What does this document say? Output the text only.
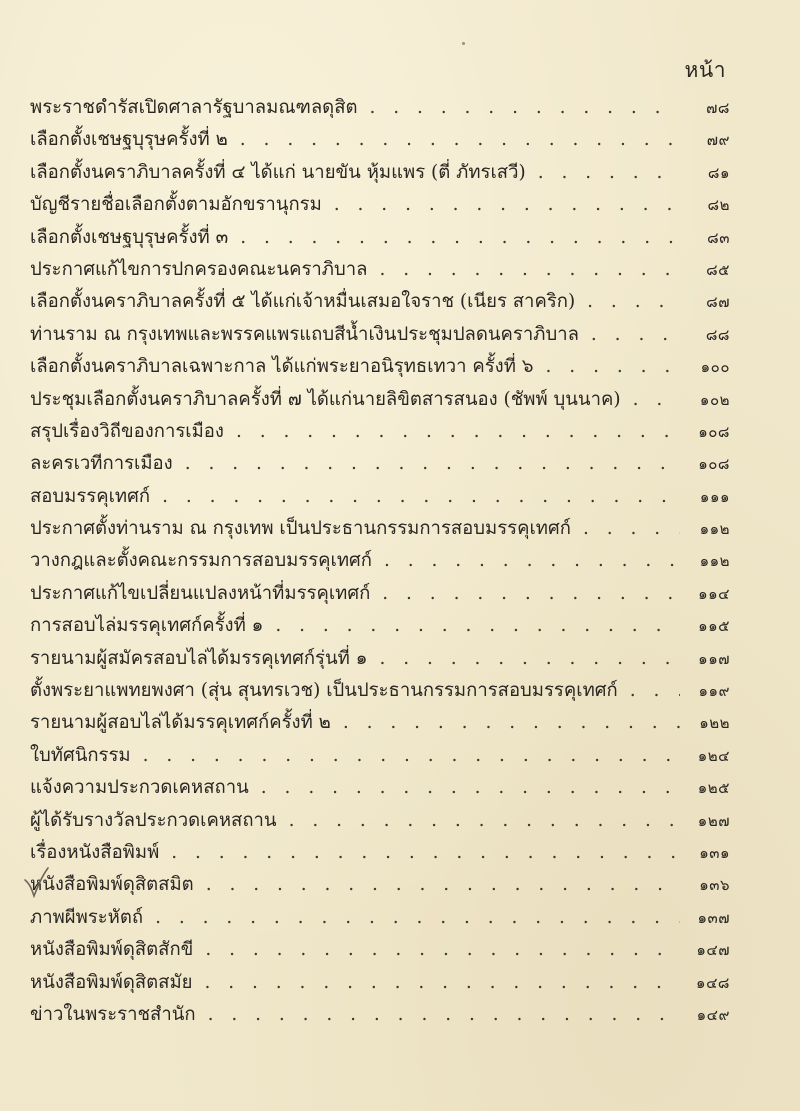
หน้า
พระราชดำรัสเปิดศาลารัฐบาลมณฑลดุสิต . . .	๗๘
เลือกตั้งเชษฐบุรุษครั้งที่ ๒ . . .	๗๙
เลือกตั้งนคราภิบาลครั้งที่ ๔ ได้แก่ นายขัน หุ้มแพร (ตี่ ภัทรเสวี) . . .	๘๑
บัญชีรายชื่อเลือกตั้งตามอักขรานุกรม . . .	๘๒
เลือกตั้งเชษฐบุรุษครั้งที่ ๓ . . .	๘๓
ประกาศแก้ไขการปกครองคณะนคราภิบาล . . .	๘๕
เลือกตั้งนคราภิบาลครั้งที่ ๕ ได้แก่เจ้าหมื่นเสมอใจราช (เนียร สาคริก) . . .	๘๗
ท่านราม ณ กรุงเทพและพรรคแพรแถบสีน้ำเงินประชุมปลดนคราภิบาล . . .	๘๘
เลือกตั้งนคราภิบาลเฉพาะกาล ได้แก่พระยาอนิรุทธเทวา ครั้งที่ ๖ . . .	๑๐๐
ประชุมเลือกตั้งนคราภิบาลครั้งที่ ๗ ได้แก่นายลิขิตสารสนอง (ชัพพ์ บุนนาค) . . .	๑๐๒
สรุปเรื่องวิถีของการเมือง . . .	๑๐๘
ละครเวทีการเมือง . . .	๑๐๘
สอบมรรคุเทศก์ . . .	๑๑๑
ประกาศตั้งท่านราม ณ กรุงเทพ เป็นประธานกรรมการสอบมรรคุเทศก์ . . .	๑๑๒
วางกฎและตั้งคณะกรรมการสอบมรรคุเทศก์ . . .	๑๑๒
ประกาศแก้ไขเปลี่ยนแปลงหน้าที่มรรคุเทศก์ . . .	๑๑๔
การสอบไล่มรรคุเทศก์ครั้งที่ ๑ . . .	๑๑๕
รายนามผู้สมัครสอบไล่ได้มรรคุเทศก์รุ่นที่ ๑ . . .	๑๑๗
ตั้งพระยาแพทยพงศา (สุ่น สุนทรเวช) เป็นประธานกรรมการสอบมรรคุเทศก์ . . .	๑๑๙
รายนามผู้สอบไล่ได้มรรคุเทศก์ครั้งที่ ๒ . . .	๑๒๒
ใบทัศนิกรรม . . .	๑๒๔
แจ้งความประกวดเคหสถาน . . .	๑๒๕
ผู้ได้รับรางวัลประกวดเคหสถาน . . .	๑๒๗
เรื่องหนังสือพิมพ์ . . .	๑๓๑
หนังสือพิมพ์ดุสิตสมิต . . .	๑๓๖
ภาพผีพระหัตถ์ . . .	๑๓๗
หนังสือพิมพ์ดุสิตสักขี . . .	๑๔๗
หนังสือพิมพ์ดุสิตสมัย . . .	๑๔๘
ข่าวในพระราชสำนัก . . .	๑๔๙
